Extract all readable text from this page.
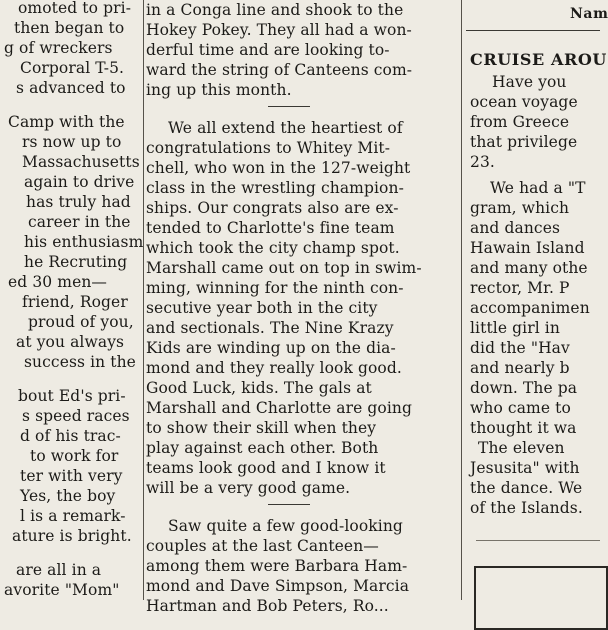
omoted to pri-
then began to
g of wreckers
Corporal T-5.
s advanced to
Camp with the
rs now up to
Massachusetts
again to drive
has truly had
career in the
his enthusiasm
he Recruting
ed 30 men—
friend, Roger
proud of you,
at you always
success in the
bout Ed's pri-
s speed races
d of his trac-
to work for
ter with very
Yes, the boy
l is a remark-
ature is bright.
are all in a
avorite "Mom"
in a Conga line and shook to the
Hokey Pokey. They all had a won-
derful time and are looking to-
ward the string of Canteens com-
ing up this month.
We all extend the heartiest of
congratulations to Whitey Mit-
chell, who won in the 127-weight
class in the wrestling champion-
ships. Our congrats also are ex-
tended to Charlotte's fine team
which took the city champ spot.
Marshall came out on top in swim-
ming, winning for the ninth con-
secutive year both in the city
and sectionals. The Nine Krazy
Kids are winding up on the dia-
mond and they really look good.
Good Luck, kids. The gals at
Marshall and Charlotte are going
to show their skill when they
play against each other. Both
teams look good and I know it
will be a very good game.
Saw quite a few good-looking
couples at the last Canteen—
among them were Barbara Ham-
mond and Dave Simpson, Marcia
Hartman and Bob Peters, Ro...
Nam
CRUISE AROU
Have you
ocean voyage
from Greece
that privilege
23.
We had a "T
gram, which
and dances
Hawain Island
and many othe
rector, Mr. P
accompanimen
little girl in
did the "Hav
and nearly b
down. The pa
who came to
thought it wa
The eleven
Jesusita" with
the dance. We
of the Islands.
